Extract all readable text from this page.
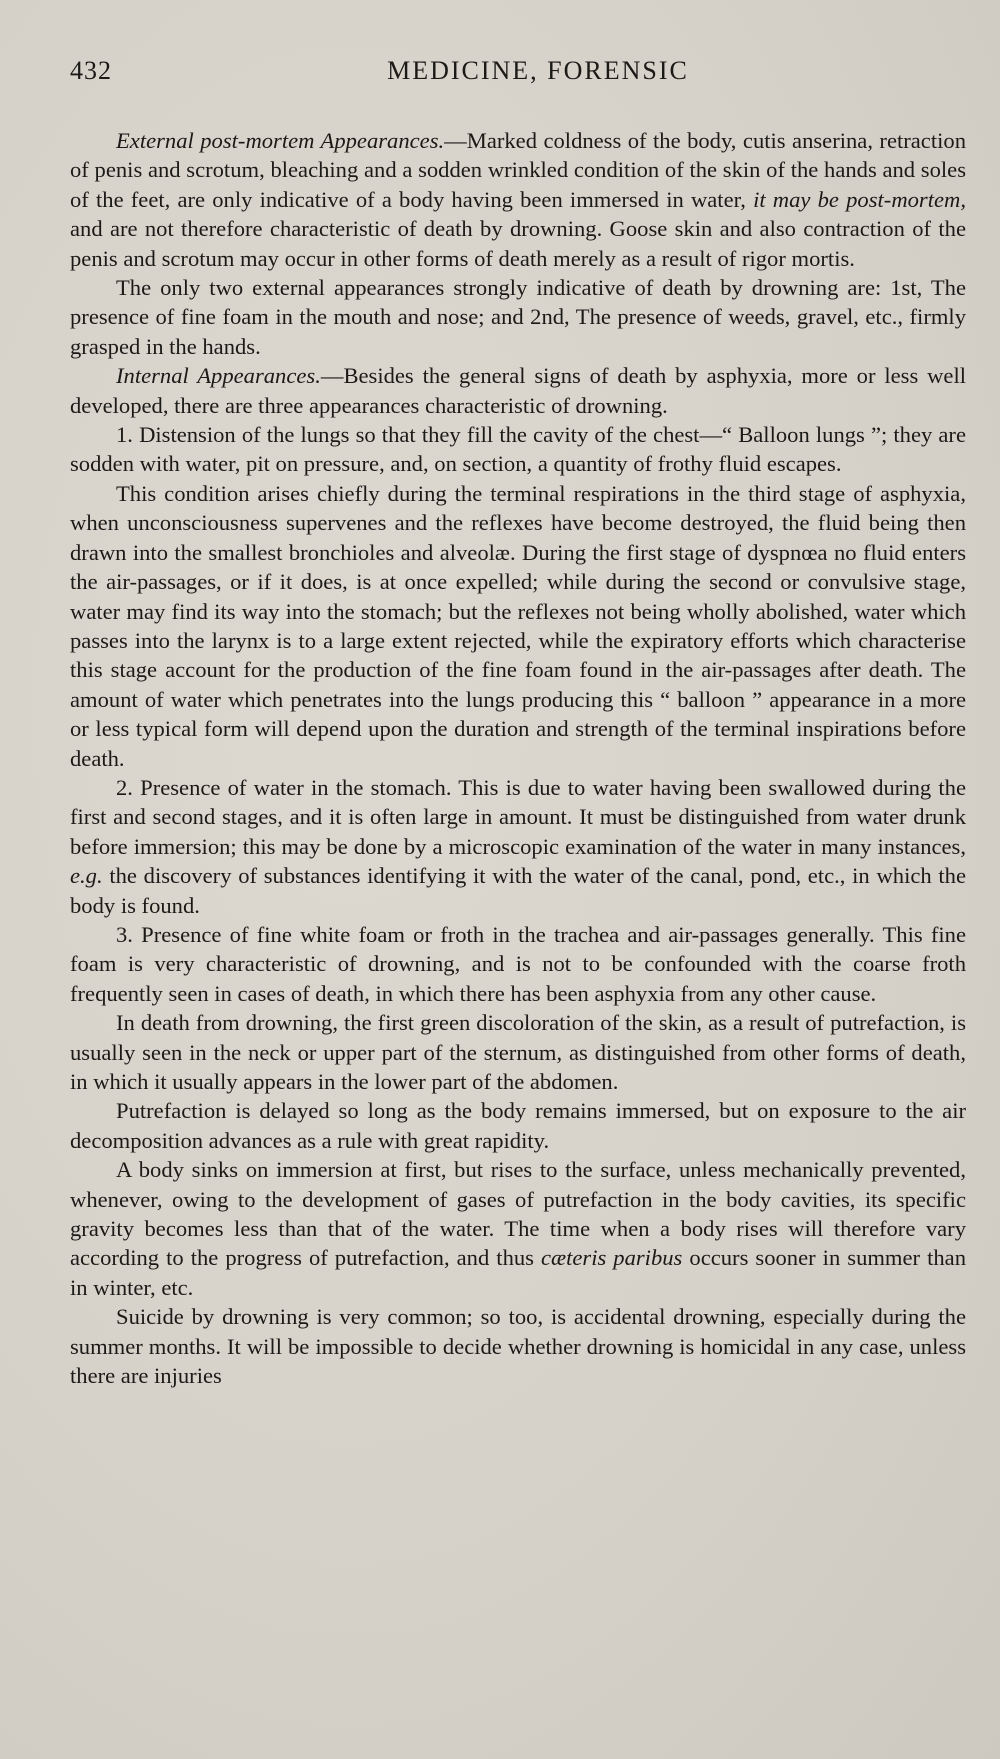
432	MEDICINE, FORENSIC

External post-mortem Appearances.—Marked coldness of the body, cutis anserina, retraction of penis and scrotum, bleaching and a sodden wrinkled condition of the skin of the hands and soles of the feet, are only indicative of a body having been immersed in water, it may be post-mortem, and are not therefore characteristic of death by drowning. Goose skin and also contraction of the penis and scrotum may occur in other forms of death merely as a result of rigor mortis.

The only two external appearances strongly indicative of death by drowning are: 1st, The presence of fine foam in the mouth and nose; and 2nd, The presence of weeds, gravel, etc., firmly grasped in the hands.

Internal Appearances.—Besides the general signs of death by asphyxia, more or less well developed, there are three appearances characteristic of drowning.

1. Distension of the lungs so that they fill the cavity of the chest—“ Balloon lungs ”; they are sodden with water, pit on pressure, and, on section, a quantity of frothy fluid escapes.

This condition arises chiefly during the terminal respirations in the third stage of asphyxia, when unconsciousness supervenes and the reflexes have become destroyed, the fluid being then drawn into the smallest bronchioles and alveolæ. During the first stage of dyspnœa no fluid enters the air-passages, or if it does, is at once expelled; while during the second or convulsive stage, water may find its way into the stomach; but the reflexes not being wholly abolished, water which passes into the larynx is to a large extent rejected, while the expiratory efforts which characterise this stage account for the production of the fine foam found in the air-passages after death. The amount of water which penetrates into the lungs producing this “ balloon ” appearance in a more or less typical form will depend upon the duration and strength of the terminal inspirations before death.

2. Presence of water in the stomach. This is due to water having been swallowed during the first and second stages, and it is often large in amount. It must be distinguished from water drunk before immersion; this may be done by a microscopic examination of the water in many instances, e.g. the discovery of substances identifying it with the water of the canal, pond, etc., in which the body is found.

3. Presence of fine white foam or froth in the trachea and air-passages generally. This fine foam is very characteristic of drowning, and is not to be confounded with the coarse froth frequently seen in cases of death, in which there has been asphyxia from any other cause.

In death from drowning, the first green discoloration of the skin, as a result of putrefaction, is usually seen in the neck or upper part of the sternum, as distinguished from other forms of death, in which it usually appears in the lower part of the abdomen.

Putrefaction is delayed so long as the body remains immersed, but on exposure to the air decomposition advances as a rule with great rapidity.

A body sinks on immersion at first, but rises to the surface, unless mechanically prevented, whenever, owing to the development of gases of putrefaction in the body cavities, its specific gravity becomes less than that of the water. The time when a body rises will therefore vary according to the progress of putrefaction, and thus cæteris paribus occurs sooner in summer than in winter, etc.

Suicide by drowning is very common; so too, is accidental drowning, especially during the summer months. It will be impossible to decide whether drowning is homicidal in any case, unless there are injuries
